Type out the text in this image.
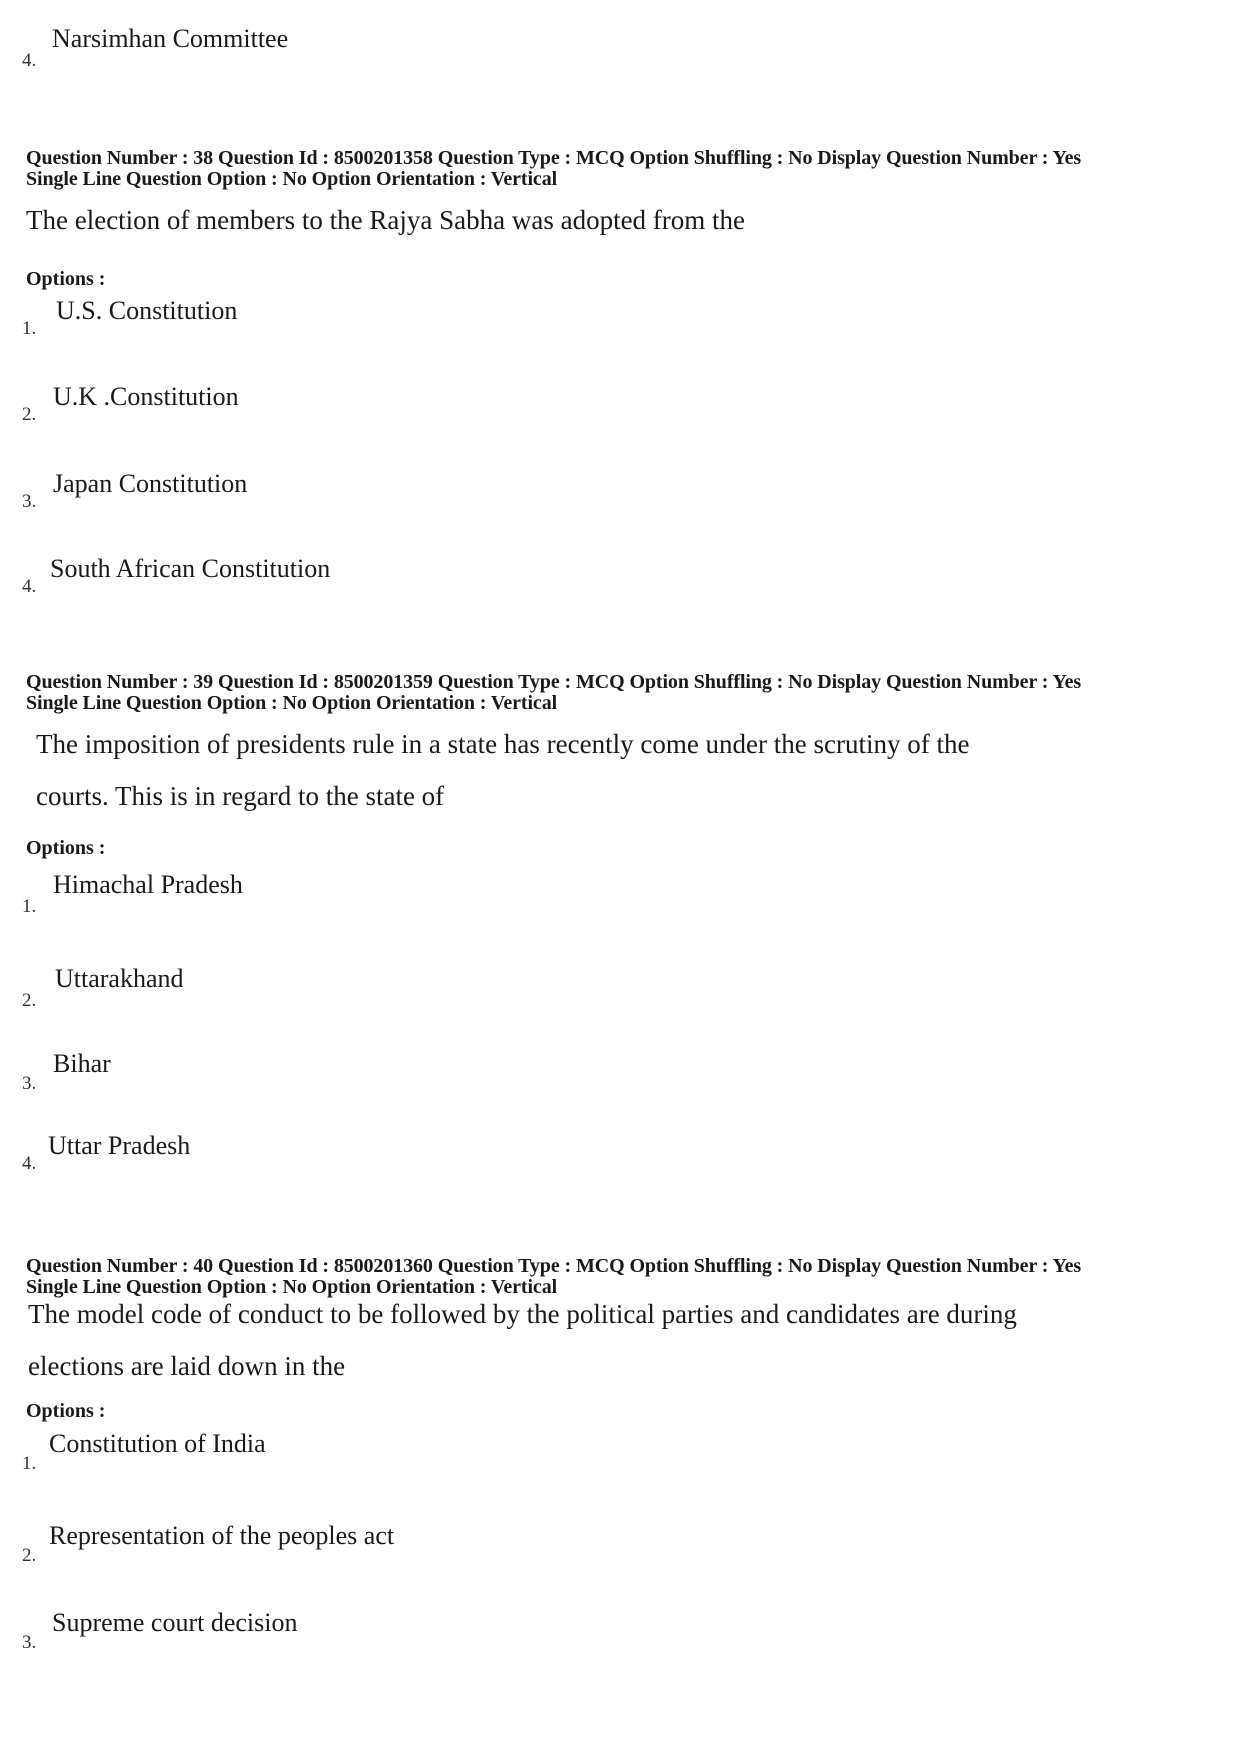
4.
Narsimhan Committee
Question Number : 38 Question Id : 8500201358 Question Type : MCQ Option Shuffling : No Display Question Number : Yes
Single Line Question Option : No Option Orientation : Vertical
The election of members to the Rajya Sabha was adopted from the
Options :
1.
U.S. Constitution
2.
U.K .Constitution
3.
Japan Constitution
4.
South African Constitution
Question Number : 39 Question Id : 8500201359 Question Type : MCQ Option Shuffling : No Display Question Number : Yes
Single Line Question Option : No Option Orientation : Vertical
The imposition of presidents rule in a state has recently come under the scrutiny of the
courts. This is in regard to the state of
Options :
1.
Himachal Pradesh
2.
Uttarakhand
3.
Bihar
4.
Uttar Pradesh
Question Number : 40 Question Id : 8500201360 Question Type : MCQ Option Shuffling : No Display Question Number : Yes
Single Line Question Option : No Option Orientation : Vertical
The model code of conduct to be followed by the political parties and candidates are during
elections are laid down in the
Options :
1.
Constitution of India
2.
Representation of the peoples act
3.
Supreme court decision
